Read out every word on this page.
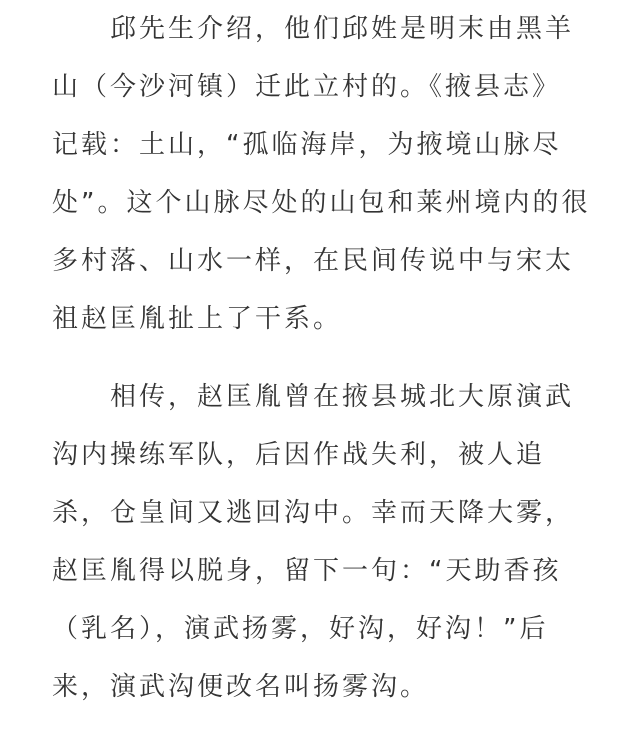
　　邱先生介绍，他们邱姓是明末由黑羊
山（今沙河镇）迁此立村的。《掖县志》
记载：土山，“孤临海岸，为掖境山脉尽
处”。这个山脉尽处的山包和莱州境内的很
多村落、山水一样，在民间传说中与宋太
祖赵匡胤扯上了干系。
　　相传，赵匡胤曾在掖县城北大原演武
沟内操练军队，后因作战失利，被人追
杀，仓皇间又逃回沟中。幸而天降大雾，
赵匡胤得以脱身，留下一句：“天助香孩
（乳名），演武扬雾，好沟，好沟！”后
来，演武沟便改名叫扬雾沟。
